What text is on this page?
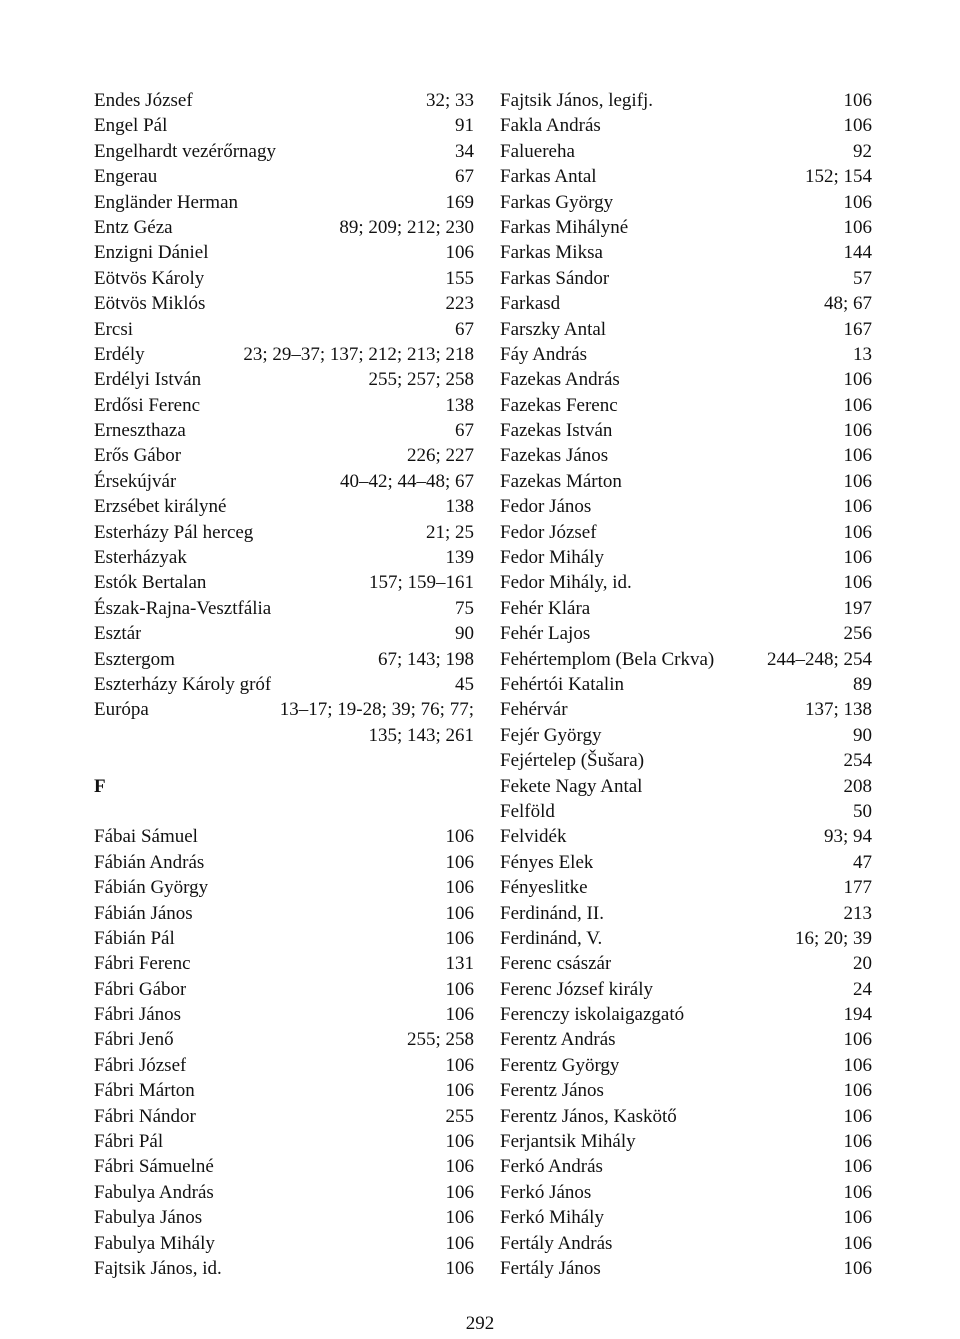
Endes József	32; 33
Engel Pál	91
Engelhardt vezérőrnagy	34
Engerau	67
Engländer Herman	169
Entz Géza	89; 209; 212; 230
Enzigni Dániel	106
Eötvös Károly	155
Eötvös Miklós	223
Ercsi	67
Erdély	23; 29–37; 137; 212; 213; 218
Erdélyi István	255; 257; 258
Erdősi Ferenc	138
Erneszthaza	67
Erős Gábor	226; 227
Érsekújvár	40–42; 44–48; 67
Erzsébet királyné	138
Esterházy Pál herceg	21; 25
Esterházyak	139
Estók Bertalan	157; 159–161
Észak-Rajna-Vesztfália	75
Esztár	90
Esztergom	67; 143; 198
Eszterházy Károly gróf	45
Európa	13–17; 19-28; 39; 76; 77;
135; 143; 261
F
Fábai Sámuel	106
Fábián András	106
Fábián György	106
Fábián János	106
Fábián Pál	106
Fábri Ferenc	131
Fábri Gábor	106
Fábri János	106
Fábri Jenő	255; 258
Fábri József	106
Fábri Márton	106
Fábri Nándor	255
Fábri Pál	106
Fábri Sámuelné	106
Fabulya András	106
Fabulya János	106
Fabulya Mihály	106
Fajtsik János, id.	106
Fajtsik János, legifj.	106
Fakla András	106
Faluereha	92
Farkas Antal	152; 154
Farkas György	106
Farkas Mihályné	106
Farkas Miksa	144
Farkas Sándor	57
Farkasd	48; 67
Farszky Antal	167
Fáy András	13
Fazekas András	106
Fazekas Ferenc	106
Fazekas István	106
Fazekas János	106
Fazekas Márton	106
Fedor János	106
Fedor József	106
Fedor Mihály	106
Fedor Mihály, id.	106
Fehér Klára	197
Fehér Lajos	256
Fehértemplom (Bela Crkva)	244–248; 254
Fehértói Katalin	89
Fehérvár	137; 138
Fejér György	90
Fejértelep (Šušara)	254
Fekete Nagy Antal	208
Felföld	50
Felvidék	93; 94
Fényes Elek	47
Fényeslitke	177
Ferdinánd, II.	213
Ferdinánd, V.	16; 20; 39
Ferenc császár	20
Ferenc József király	24
Ferenczy iskolaigazgató	194
Ferentz András	106
Ferentz György	106
Ferentz János	106
Ferentz János, Kaskötő	106
Ferjantsik Mihály	106
Ferkó András	106
Ferkó János	106
Ferkó Mihály	106
Fertály András	106
Fertály János	106
292
